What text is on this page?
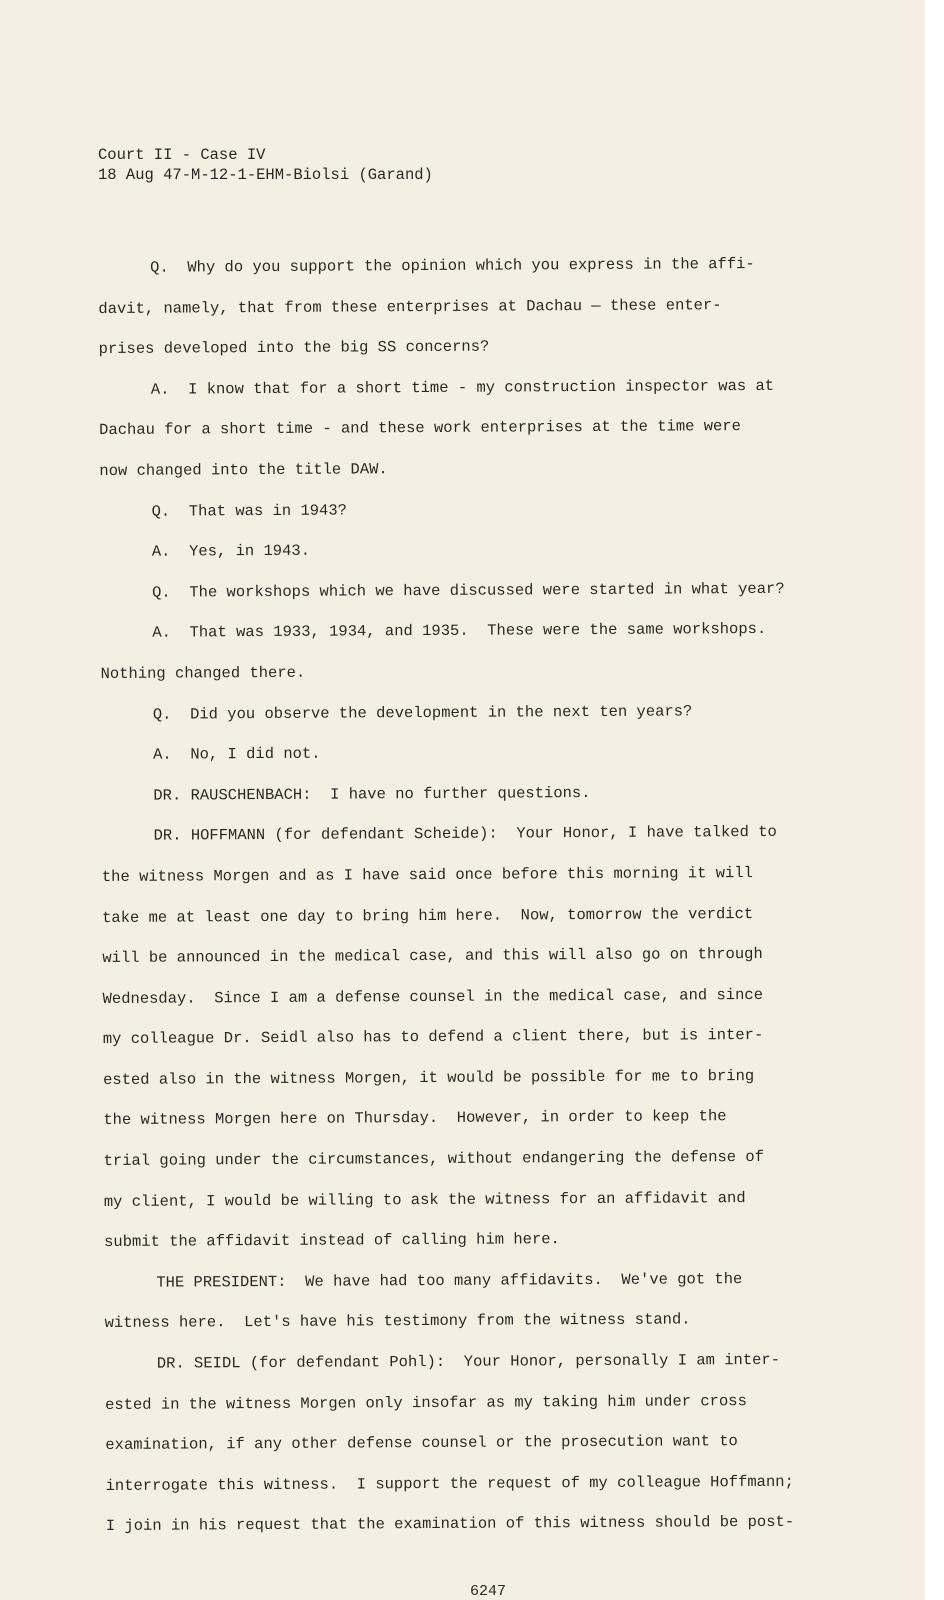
Court II - Case IV
18 Aug 47-M-12-1-EHM-Biolsi (Garand)
Q.  Why do you support the opinion which you express in the affi-
davit, namely, that from these enterprises at Dachau — these enter-
prises developed into the big SS concerns?
A.  I know that for a short time - my construction inspector was at
Dachau for a short time - and these work enterprises at the time were
now changed into the title DAW.
Q.  That was in 1943?
A.  Yes, in 1943.
Q.  The workshops which we have discussed were started in what year?
A.  That was 1933, 1934, and 1935.  These were the same workshops.
Nothing changed there.
Q.  Did you observe the development in the next ten years?
A.  No, I did not.
DR. RAUSCHENBACH:  I have no further questions.
DR. HOFFMANN (for defendant Scheide):  Your Honor, I have talked to
the witness Morgen and as I have said once before this morning it will
take me at least one day to bring him here.  Now, tomorrow the verdict
will be announced in the medical case, and this will also go on through
Wednesday.  Since I am a defense counsel in the medical case, and since
my colleague Dr. Seidl also has to defend a client there, but is inter-
ested also in the witness Morgen, it would be possible for me to bring
the witness Morgen here on Thursday.  However, in order to keep the
trial going under the circumstances, without endangering the defense of
my client, I would be willing to ask the witness for an affidavit and
submit the affidavit instead of calling him here.
THE PRESIDENT:  We have had too many affidavits.  We've got the
witness here.  Let's have his testimony from the witness stand.
DR. SEIDL (for defendant Pohl):  Your Honor, personally I am inter-
ested in the witness Morgen only insofar as my taking him under cross
examination, if any other defense counsel or the prosecution want to
interrogate this witness.  I support the request of my colleague Hoffmann;
I join in his request that the examination of this witness should be post-
6247
